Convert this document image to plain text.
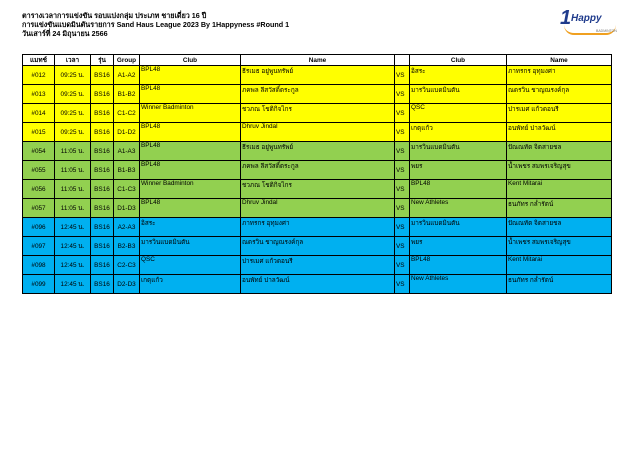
ตารางเวลาการแข่งขัน รอบแบ่งกลุ่ม ประเภท ชายเดี่ยว 16 ปี
การแข่งขันแบดมินตันรายการ Sand Haus League 2023 By 1Happyness #Round 1
วันเสาร์ที่ 24 มิถุนายน 2566
1 Happy
BADMINTON
แมทช์	เวลา	รุ่น	Group	Club	Name		Club	Name
#012	09:25 น.	BS16	A1-A2	BPL48	ธีรเมธ อยู่พูนทรัพย์	VS	อิสระ	ภาทรกร อุทุมงศา
#013	09:25 น.	BS16	B1-B2	BPL48	ภคพล ลีสวัสดิ์ตระกูล	VS	มารวินแบดมินตัน	ณดรวิน ชาญณรงค์กุล
#014	09:25 น.	BS16	C1-C2	Winner Badminton	ชวภณ โชติกิจไกร	VS	QSC	ปารเมศ แก้วดอนรี
#015	09:25 น.	BS16	D1-D2	BPL48	Dhruv Jindal	VS	เกตุแก้ว	อนพัทย์ ปาลวัฒน์
#054	11:05 น.	BS16	A1-A3	BPL48	ธีรเมธ อยู่พูนทรัพย์	VS	มารวินแบดมินตัน	ปัณณทัต จิตสายชล
#055	11:05 น.	BS16	B1-B3	BPL48	ภคพล ลีสวัสดิ์ตระกูล	VS	พยร	น้ำเพชร สมพรเจริญสุข
#056	11:05 น.	BS16	C1-C3	Winner Badminton	ชวภณ โชติกิจไกร	VS	BPL48	Kent Mitarai
#057	11:05 น.	BS16	D1-D3	BPL48	Dhruv Jindal	VS	New Athletes	ธนภัทร กล่ำรัตน์
#096	12:45 น.	BS16	A2-A3	อิสระ	ภาทรกร อุทุมงศา	VS	มารวินแบดมินตัน	ปัณณทัต จิตสายชล
#097	12:45 น.	BS16	B2-B3	มารวินแบดมินตัน	ณดรวิน ชาญณรงค์กุล	VS	พยร	น้ำเพชร สมพรเจริญสุข
#098	12:45 น.	BS16	C2-C3	QSC	ปารเมศ แก้วดอนรี	VS	BPL48	Kent Mitarai
#099	12:45 น.	BS16	D2-D3	เกตุแก้ว	อนพัทย์ ปาลวัฒน์	VS	New Athletes	ธนภัทร กล่ำรัตน์
